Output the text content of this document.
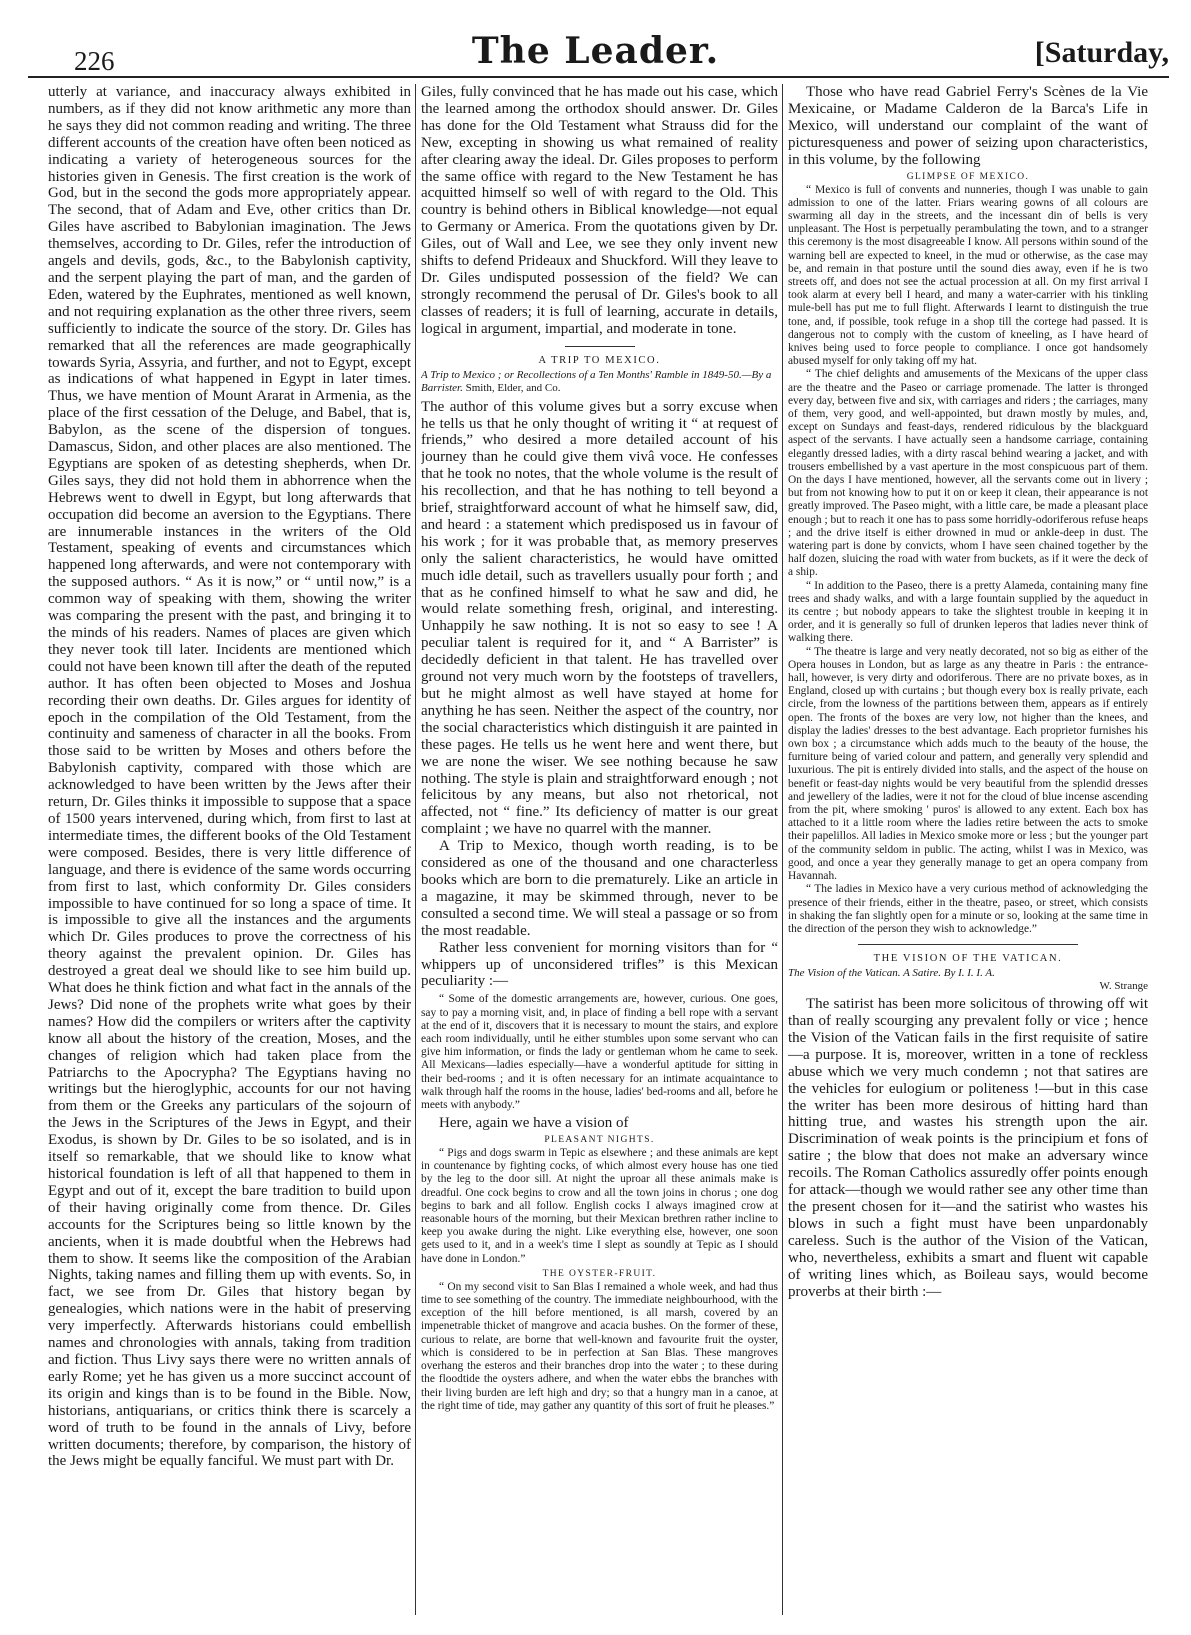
226	The Leader.	[Saturday,

utterly at variance, and inaccuracy always exhibited in numbers, as if they did not know arithmetic any more than he says they did not common reading and writing. The three different accounts of the creation have often been noticed as indicating a variety of heterogeneous sources for the histories given in Genesis. The first creation is the work of God, but in the second the gods more appropriately appear. The second, that of Adam and Eve, other critics than Dr. Giles have ascribed to Babylonian imagination. The Jews themselves, according to Dr. Giles, refer the introduction of angels and devils, gods, &c., to the Babylonish captivity, and the serpent playing the part of man, and the garden of Eden, watered by the Euphrates, mentioned as well known, and not requiring explanation as the other three rivers, seem sufficiently to indicate the source of the story. Dr. Giles has remarked that all the references are made geographically towards Syria, Assyria, and further, and not to Egypt, except as indications of what happened in Egypt in later times. Thus, we have mention of Mount Ararat in Armenia, as the place of the first cessation of the Deluge, and Babel, that is, Babylon, as the scene of the dispersion of tongues. Damascus, Sidon, and other places are also mentioned. The Egyptians are spoken of as detesting shepherds, when Dr. Giles says, they did not hold them in abhorrence when the Hebrews went to dwell in Egypt, but long afterwards that occupation did become an aversion to the Egyptians. There are innumerable instances in the writers of the Old Testament, speaking of events and circumstances which happened long afterwards, and were not contemporary with the supposed authors. “ As it is now,” or “ until now,” is a common way of speaking with them, showing the writer was comparing the present with the past, and bringing it to the minds of his readers. Names of places are given which they never took till later. Incidents are mentioned which could not have been known till after the death of the reputed author. It has often been objected to Moses and Joshua recording their own deaths. Dr. Giles argues for identity of epoch in the compilation of the Old Testament, from the continuity and sameness of character in all the books. From those said to be written by Moses and others before the Babylonish captivity, compared with those which are acknowledged to have been written by the Jews after their return, Dr. Giles thinks it impossible to suppose that a space of 1500 years intervened, during which, from first to last at intermediate times, the different books of the Old Testament were composed. Besides, there is very little difference of language, and there is evidence of the same words occurring from first to last, which conformity Dr. Giles considers impossible to have continued for so long a space of time. It is impossible to give all the instances and the arguments which Dr. Giles produces to prove the correctness of his theory against the prevalent opinion. Dr. Giles has destroyed a great deal we should like to see him build up. What does he think fiction and what fact in the annals of the Jews? Did none of the prophets write what goes by their names? How did the compilers or writers after the captivity know all about the history of the creation, Moses, and the changes of religion which had taken place from the Patriarchs to the Apocrypha? The Egyptians having no writings but the hieroglyphic, accounts for our not having from them or the Greeks any particulars of the sojourn of the Jews in the Scriptures of the Jews in Egypt, and their Exodus, is shown by Dr. Giles to be so isolated, and is in itself so remarkable, that we should like to know what historical foundation is left of all that happened to them in Egypt and out of it, except the bare tradition to build upon of their having originally come from thence. Dr. Giles accounts for the Scriptures being so little known by the ancients, when it is made doubtful when the Hebrews had them to show. It seems like the composition of the Arabian Nights, taking names and filling them up with events. So, in fact, we see from Dr. Giles that history began by genealogies, which nations were in the habit of preserving very imperfectly. Afterwards historians could embellish names and chronologies with annals, taking from tradition and fiction. Thus Livy says there were no written annals of early Rome; yet he has given us a more succinct account of its origin and kings than is to be found in the Bible. Now, historians, antiquarians, or critics think there is scarcely a word of truth to be found in the annals of Livy, before written documents; therefore, by comparison, the history of the Jews might be equally fanciful. We must part with Dr.

Giles, fully convinced that he has made out his case, which the learned among the orthodox should answer. Dr. Giles has done for the Old Testament what Strauss did for the New, excepting in showing us what remained of reality after clearing away the ideal. Dr. Giles proposes to perform the same office with regard to the New Testament he has acquitted himself so well of with regard to the Old. This country is behind others in Biblical knowledge—not equal to Germany or America. From the quotations given by Dr. Giles, out of Wall and Lee, we see they only invent new shifts to defend Prideaux and Shuckford. Will they leave to Dr. Giles undisputed possession of the field? We can strongly recommend the perusal of Dr. Giles's book to all classes of readers; it is full of learning, accurate in details, logical in argument, impartial, and moderate in tone.

A TRIP TO MEXICO.

A Trip to Mexico ; or Recollections of a Ten Months' Ramble in 1849-50.—By a Barrister. Smith, Elder, and Co.

The author of this volume gives but a sorry excuse when he tells us that he only thought of writing it “ at request of friends,” who desired a more detailed account of his journey than he could give them vivâ voce. He confesses that he took no notes, that the whole volume is the result of his recollection, and that he has nothing to tell beyond a brief, straightforward account of what he himself saw, did, and heard : a statement which predisposed us in favour of his work ; for it was probable that, as memory preserves only the salient characteristics, he would have omitted much idle detail, such as travellers usually pour forth ; and that as he confined himself to what he saw and did, he would relate something fresh, original, and interesting. Unhappily he saw nothing. It is not so easy to see ! A peculiar talent is required for it, and “ A Barrister” is decidedly deficient in that talent. He has travelled over ground not very much worn by the footsteps of travellers, but he might almost as well have stayed at home for anything he has seen. Neither the aspect of the country, nor the social characteristics which distinguish it are painted in these pages. He tells us he went here and went there, but we are none the wiser. We see nothing because he saw nothing. The style is plain and straightforward enough ; not felicitous by any means, but also not rhetorical, not affected, not “ fine.” Its deficiency of matter is our great complaint ; we have no quarrel with the manner.

A Trip to Mexico, though worth reading, is to be considered as one of the thousand and one characterless books which are born to die prematurely. Like an article in a magazine, it may be skimmed through, never to be consulted a second time. We will steal a passage or so from the most readable.

Rather less convenient for morning visitors than for “ whippers up of unconsidered trifles” is this Mexican peculiarity :—

“ Some of the domestic arrangements are, however, curious. One goes, say to pay a morning visit, and, in place of finding a bell rope with a servant at the end of it, discovers that it is necessary to mount the stairs, and explore each room individually, until he either stumbles upon some servant who can give him information, or finds the lady or gentleman whom he came to seek. All Mexicans—ladies especially—have a wonderful aptitude for sitting in their bed-rooms ; and it is often necessary for an intimate acquaintance to walk through half the rooms in the house, ladies' bed-rooms and all, before he meets with anybody.”

Here, again we have a vision of

PLEASANT NIGHTS.

“ Pigs and dogs swarm in Tepic as elsewhere ; and these animals are kept in countenance by fighting cocks, of which almost every house has one tied by the leg to the door sill. At night the uproar all these animals make is dreadful. One cock begins to crow and all the town joins in chorus ; one dog begins to bark and all follow. English cocks I always imagined crow at reasonable hours of the morning, but their Mexican brethren rather incline to keep you awake during the night. Like everything else, however, one soon gets used to it, and in a week's time I slept as soundly at Tepic as I should have done in London.”

THE OYSTER-FRUIT.

“ On my second visit to San Blas I remained a whole week, and had thus time to see something of the country. The immediate neighbourhood, with the exception of the hill before mentioned, is all marsh, covered by an impenetrable thicket of mangrove and acacia bushes. On the former of these, curious to relate, are borne that well-known and favourite fruit the oyster, which is considered to be in perfection at San Blas. These mangroves overhang the esteros and their branches drop into the water ; to these during the floodtide the oysters adhere, and when the water ebbs the branches with their living burden are left high and dry; so that a hungry man in a canoe, at the right time of tide, may gather any quantity of this sort of fruit he pleases.”

Those who have read Gabriel Ferry's Scènes de la Vie Mexicaine, or Madame Calderon de la Barca's Life in Mexico, will understand our complaint of the want of picturesqueness and power of seizing upon characteristics, in this volume, by the following

GLIMPSE OF MEXICO.

“ Mexico is full of convents and nunneries, though I was unable to gain admission to one of the latter. Friars wearing gowns of all colours are swarming all day in the streets, and the incessant din of bells is very unpleasant. The Host is perpetually perambulating the town, and to a stranger this ceremony is the most disagreeable I know. All persons within sound of the warning bell are expected to kneel, in the mud or otherwise, as the case may be, and remain in that posture until the sound dies away, even if he is two streets off, and does not see the actual procession at all. On my first arrival I took alarm at every bell I heard, and many a water-carrier with his tinkling mule-bell has put me to full flight. Afterwards I learnt to distinguish the true tone, and, if possible, took refuge in a shop till the cortege had passed. It is dangerous not to comply with the custom of kneeling, as I have heard of knives being used to force people to compliance. I once got handsomely abused myself for only taking off my hat.

“ The chief delights and amusements of the Mexicans of the upper class are the theatre and the Paseo or carriage promenade. The latter is thronged every day, between five and six, with carriages and riders ; the carriages, many of them, very good, and well-appointed, but drawn mostly by mules, and, except on Sundays and feast-days, rendered ridiculous by the blackguard aspect of the servants. I have actually seen a handsome carriage, containing elegantly dressed ladies, with a dirty rascal behind wearing a jacket, and with trousers embellished by a vast aperture in the most conspicuous part of them. On the days I have mentioned, however, all the servants come out in livery ; but from not knowing how to put it on or keep it clean, their appearance is not greatly improved. The Paseo might, with a little care, be made a pleasant place enough ; but to reach it one has to pass some horridly-odoriferous refuse heaps ; and the drive itself is either drowned in mud or ankle-deep in dust. The watering part is done by convicts, whom I have seen chained together by the half dozen, sluicing the road with water from buckets, as if it were the deck of a ship.

“ In addition to the Paseo, there is a pretty Alameda, containing many fine trees and shady walks, and with a large fountain supplied by the aqueduct in its centre ; but nobody appears to take the slightest trouble in keeping it in order, and it is generally so full of drunken leperos that ladies never think of walking there.

“ The theatre is large and very neatly decorated, not so big as either of the Opera houses in London, but as large as any theatre in Paris : the entrance-hall, however, is very dirty and odoriferous. There are no private boxes, as in England, closed up with curtains ; but though every box is really private, each circle, from the lowness of the partitions between them, appears as if entirely open. The fronts of the boxes are very low, not higher than the knees, and display the ladies' dresses to the best advantage. Each proprietor furnishes his own box ; a circumstance which adds much to the beauty of the house, the furniture being of varied colour and pattern, and generally very splendid and luxurious. The pit is entirely divided into stalls, and the aspect of the house on benefit or feast-day nights would be very beautiful from the splendid dresses and jewellery of the ladies, were it not for the cloud of blue incense ascending from the pit, where smoking ' puros' is allowed to any extent. Each box has attached to it a little room where the ladies retire between the acts to smoke their papelillos. All ladies in Mexico smoke more or less ; but the younger part of the community seldom in public. The acting, whilst I was in Mexico, was good, and once a year they generally manage to get an opera company from Havannah.

“ The ladies in Mexico have a very curious method of acknowledging the presence of their friends, either in the theatre, paseo, or street, which consists in shaking the fan slightly open for a minute or so, looking at the same time in the direction of the person they wish to acknowledge.”

THE VISION OF THE VATICAN.

The Vision of the Vatican. A Satire. By I. I. I. A.

W. Strange

The satirist has been more solicitous of throwing off wit than of really scourging any prevalent folly or vice ; hence the Vision of the Vatican fails in the first requisite of satire—a purpose. It is, moreover, written in a tone of reckless abuse which we very much condemn ; not that satires are the vehicles for eulogium or politeness !—but in this case the writer has been more desirous of hitting hard than hitting true, and wastes his strength upon the air. Discrimination of weak points is the principium et fons of satire ; the blow that does not make an adversary wince recoils. The Roman Catholics assuredly offer points enough for attack—though we would rather see any other time than the present chosen for it—and the satirist who wastes his blows in such a fight must have been unpardonably careless. Such is the author of the Vision of the Vatican, who, nevertheless, exhibits a smart and fluent wit capable of writing lines which, as Boileau says, would become proverbs at their birth :—
